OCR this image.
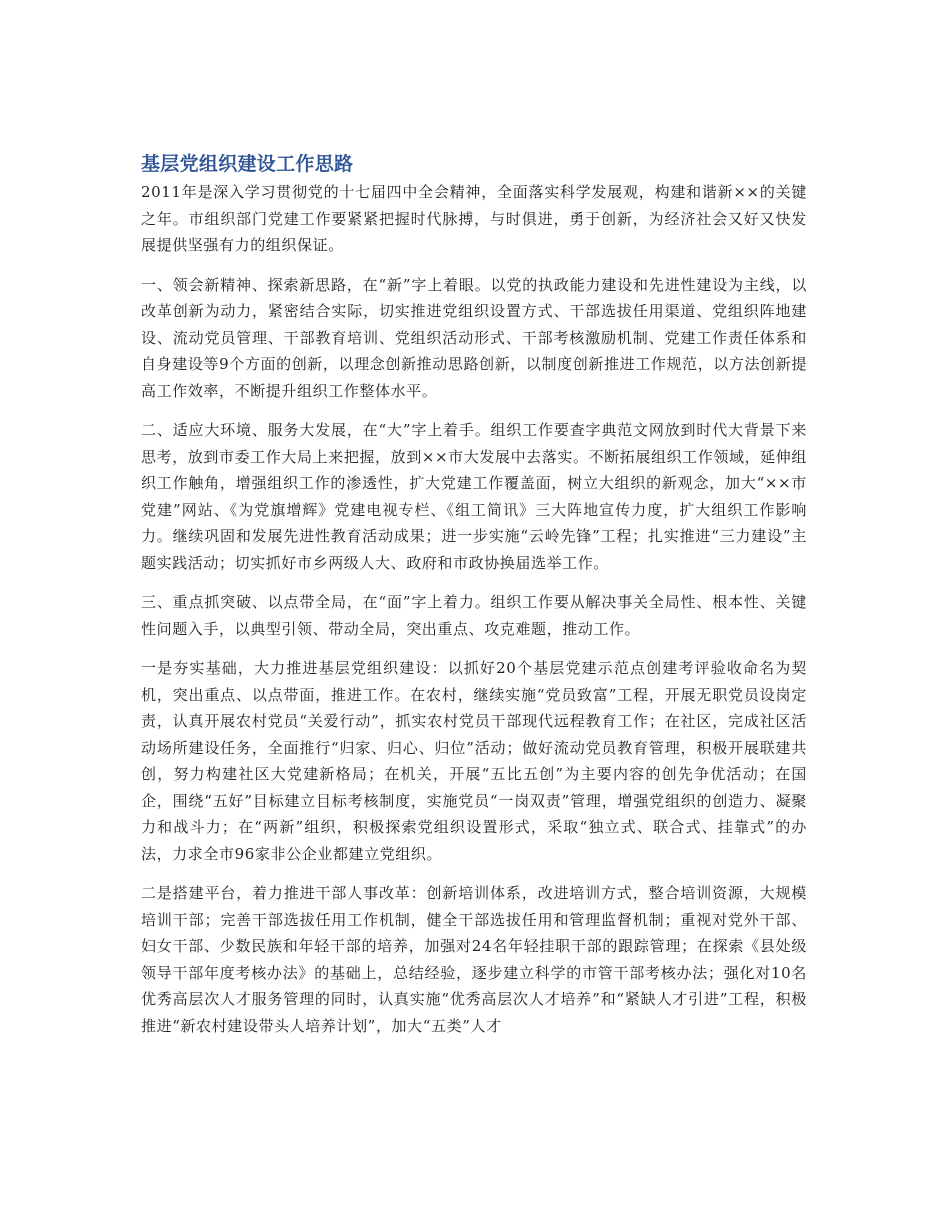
基层党组织建设工作思路

2011年是深入学习贯彻党的十七届四中全会精神，全面落实科学发展观，构建和谐新××的关键之年。市组织部门党建工作要紧紧把握时代脉搏，与时俱进，勇于创新，为经济社会又好又快发展提供坚强有力的组织保证。

一、领会新精神、探索新思路，在“新”字上着眼。以党的执政能力建设和先进性建设为主线，以改革创新为动力，紧密结合实际，切实推进党组织设置方式、干部选拔任用渠道、党组织阵地建设、流动党员管理、干部教育培训、党组织活动形式、干部考核激励机制、党建工作责任体系和自身建设等9个方面的创新，以理念创新推动思路创新，以制度创新推进工作规范，以方法创新提高工作效率，不断提升组织工作整体水平。

二、适应大环境、服务大发展，在“大”字上着手。组织工作要查字典范文网放到时代大背景下来思考，放到市委工作大局上来把握，放到××市大发展中去落实。不断拓展组织工作领域，延伸组织工作触角，增强组织工作的渗透性，扩大党建工作覆盖面，树立大组织的新观念，加大“××市党建”网站、《为党旗增辉》党建电视专栏、《组工简讯》三大阵地宣传力度，扩大组织工作影响力。继续巩固和发展先进性教育活动成果；进一步实施“云岭先锋”工程；扎实推进“三力建设”主题实践活动；切实抓好市乡两级人大、政府和市政协换届选举工作。

三、重点抓突破、以点带全局，在“面”字上着力。组织工作要从解决事关全局性、根本性、关键性问题入手，以典型引领、带动全局，突出重点、攻克难题，推动工作。

一是夯实基础，大力推进基层党组织建设：以抓好20个基层党建示范点创建考评验收命名为契机，突出重点、以点带面，推进工作。在农村，继续实施“党员致富”工程，开展无职党员设岗定责，认真开展农村党员“关爱行动”，抓实农村党员干部现代远程教育工作；在社区，完成社区活动场所建设任务，全面推行“归家、归心、归位”活动；做好流动党员教育管理，积极开展联建共创，努力构建社区大党建新格局；在机关，开展“五比五创”为主要内容的创先争优活动；在国企，围绕“五好”目标建立目标考核制度，实施党员“一岗双责”管理，增强党组织的创造力、凝聚力和战斗力；在“两新”组织，积极探索党组织设置形式，采取“独立式、联合式、挂靠式”的办法，力求全市96家非公企业都建立党组织。

二是搭建平台，着力推进干部人事改革：创新培训体系，改进培训方式，整合培训资源，大规模培训干部；完善干部选拔任用工作机制，健全干部选拔任用和管理监督机制；重视对党外干部、妇女干部、少数民族和年轻干部的培养，加强对24名年轻挂职干部的跟踪管理；在探索《县处级领导干部年度考核办法》的基础上，总结经验，逐步建立科学的市管干部考核办法；强化对10名优秀高层次人才服务管理的同时，认真实施“优秀高层次人才培养”和“紧缺人才引进”工程，积极推进“新农村建设带头人培养计划”，加大“五类”人才
